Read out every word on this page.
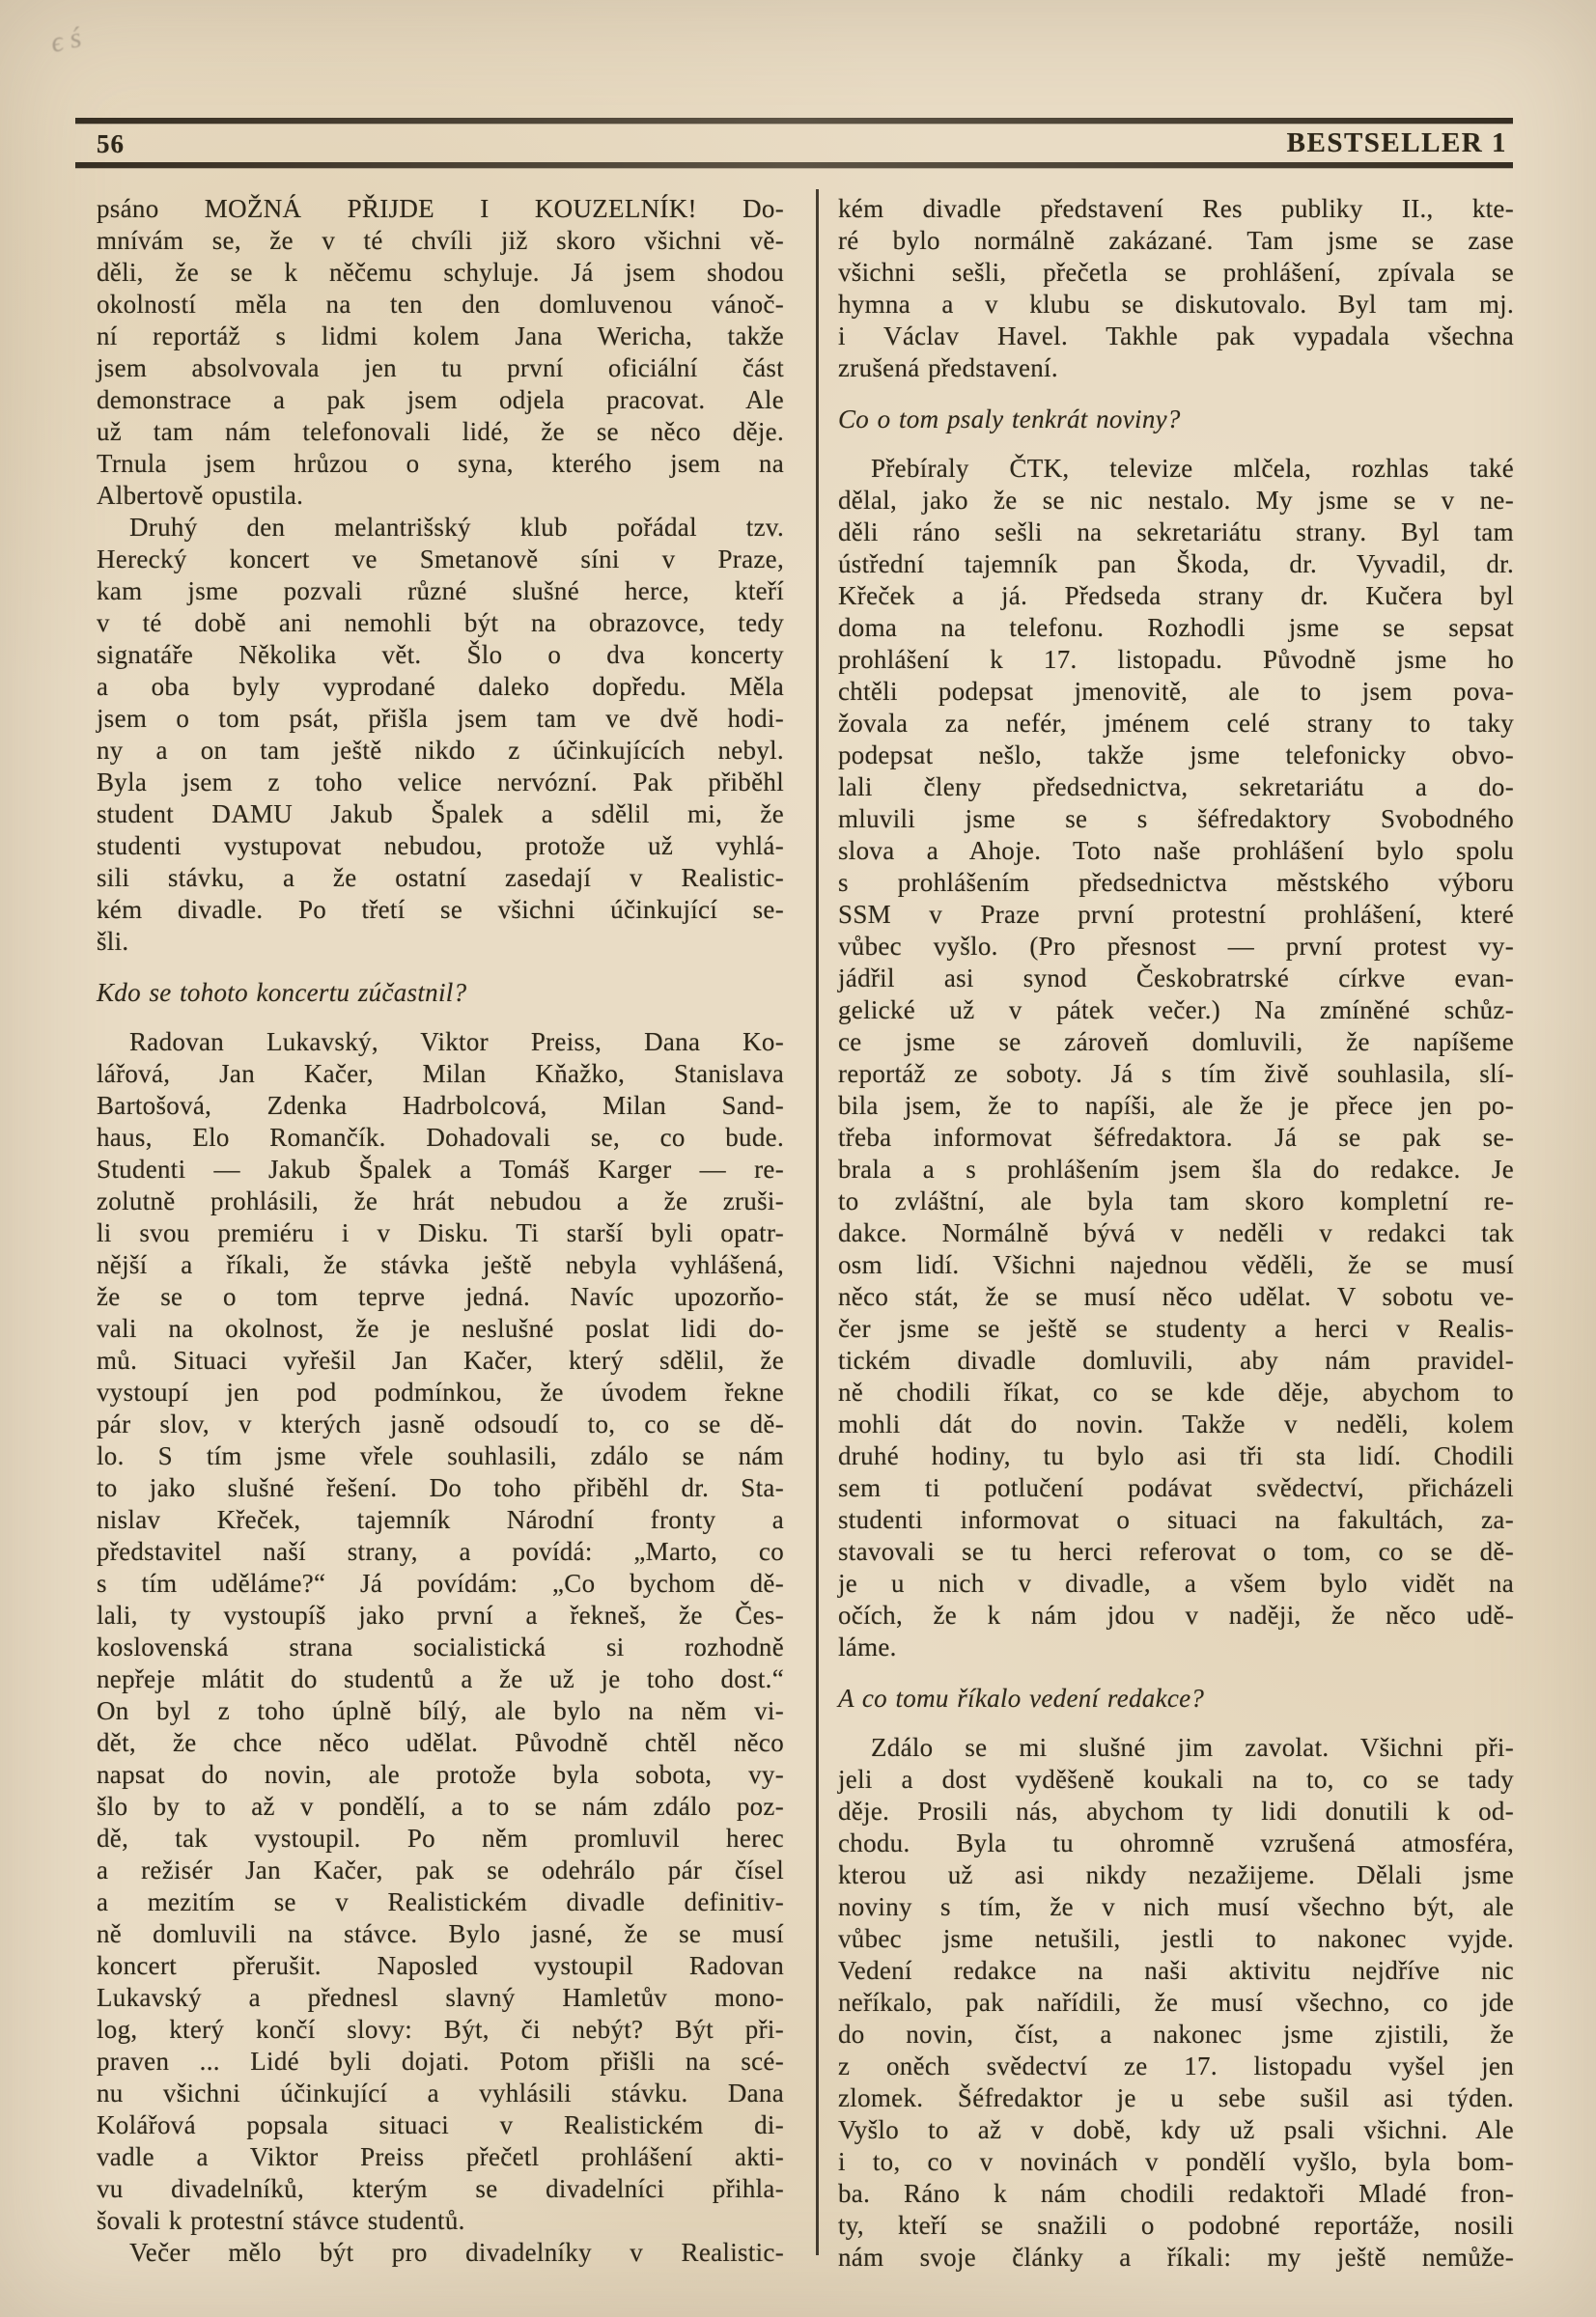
ϵ ś
56	BESTSELLER 1
psáno MOŽNÁ PŘIJDE I KOUZELNÍK! Do-
mnívám se, že v té chvíli již skoro všichni vě-
děli, že se k něčemu schyluje. Já jsem shodou
okolností měla na ten den domluvenou vánoč-
ní reportáž s lidmi kolem Jana Wericha, takže
jsem absolvovala jen tu první oficiální část
demonstrace a pak jsem odjela pracovat. Ale
už tam nám telefonovali lidé, že se něco děje.
Trnula jsem hrůzou o syna, kterého jsem na
Albertově opustila.
Druhý den melantrišský klub pořádal tzv.
Herecký koncert ve Smetanově síni v Praze,
kam jsme pozvali různé slušné herce, kteří
v té době ani nemohli být na obrazovce, tedy
signatáře Několika vět. Šlo o dva koncerty
a oba byly vyprodané daleko dopředu. Měla
jsem o tom psát, přišla jsem tam ve dvě hodi-
ny a on tam ještě nikdo z účinkujících nebyl.
Byla jsem z toho velice nervózní. Pak přiběhl
student DAMU Jakub Špalek a sdělil mi, že
studenti vystupovat nebudou, protože už vyhlá-
sili stávku, a že ostatní zasedají v Realistic-
kém divadle. Po třetí se všichni účinkující se-
šli.
Kdo se tohoto koncertu zúčastnil?
Radovan Lukavský, Viktor Preiss, Dana Ko-
lářová, Jan Kačer, Milan Kňažko, Stanislava
Bartošová, Zdenka Hadrbolcová, Milan Sand-
haus, Elo Romančík. Dohadovali se, co bude.
Studenti — Jakub Špalek a Tomáš Karger — re-
zolutně prohlásili, že hrát nebudou a že zruši-
li svou premiéru i v Disku. Ti starší byli opatr-
nější a říkali, že stávka ještě nebyla vyhlášená,
že se o tom teprve jedná. Navíc upozorňo-
vali na okolnost, že je neslušné poslat lidi do-
mů. Situaci vyřešil Jan Kačer, který sdělil, že
vystoupí jen pod podmínkou, že úvodem řekne
pár slov, v kterých jasně odsoudí to, co se dě-
lo. S tím jsme vřele souhlasili, zdálo se nám
to jako slušné řešení. Do toho přiběhl dr. Sta-
nislav Křeček, tajemník Národní fronty a
představitel naší strany, a povídá: „Marto, co
s tím uděláme?“ Já povídám: „Co bychom dě-
lali, ty vystoupíš jako první a řekneš, že Čes-
koslovenská strana socialistická si rozhodně
nepřeje mlátit do studentů a že už je toho dost.“
On byl z toho úplně bílý, ale bylo na něm vi-
dět, že chce něco udělat. Původně chtěl něco
napsat do novin, ale protože byla sobota, vy-
šlo by to až v pondělí, a to se nám zdálo poz-
dě, tak vystoupil. Po něm promluvil herec
a režisér Jan Kačer, pak se odehrálo pár čísel
a mezitím se v Realistickém divadle definitiv-
ně domluvili na stávce. Bylo jasné, že se musí
koncert přerušit. Naposled vystoupil Radovan
Lukavský a přednesl slavný Hamletův mono-
log, který končí slovy: Být, či nebýt? Být při-
praven ... Lidé byli dojati. Potom přišli na scé-
nu všichni účinkující a vyhlásili stávku. Dana
Kolářová popsala situaci v Realistickém di-
vadle a Viktor Preiss přečetl prohlášení akti-
vu divadelníků, kterým se divadelníci přihla-
šovali k protestní stávce studentů.
Večer mělo být pro divadelníky v Realistic-
kém divadle představení Res publiky II., kte-
ré bylo normálně zakázané. Tam jsme se zase
všichni sešli, přečetla se prohlášení, zpívala se
hymna a v klubu se diskutovalo. Byl tam mj.
i Václav Havel. Takhle pak vypadala všechna
zrušená představení.
Co o tom psaly tenkrát noviny?
Přebíraly ČTK, televize mlčela, rozhlas také
dělal, jako že se nic nestalo. My jsme se v ne-
děli ráno sešli na sekretariátu strany. Byl tam
ústřední tajemník pan Škoda, dr. Vyvadil, dr.
Křeček a já. Předseda strany dr. Kučera byl
doma na telefonu. Rozhodli jsme se sepsat
prohlášení k 17. listopadu. Původně jsme ho
chtěli podepsat jmenovitě, ale to jsem pova-
žovala za nefér, jménem celé strany to taky
podepsat nešlo, takže jsme telefonicky obvo-
lali členy předsednictva, sekretariátu a do-
mluvili jsme se s šéfredaktory Svobodného
slova a Ahoje. Toto naše prohlášení bylo spolu
s prohlášením předsednictva městského výboru
SSM v Praze první protestní prohlášení, které
vůbec vyšlo. (Pro přesnost — první protest vy-
jádřil asi synod Českobratrské církve evan-
gelické už v pátek večer.) Na zmíněné schůz-
ce jsme se zároveň domluvili, že napíšeme
reportáž ze soboty. Já s tím živě souhlasila, slí-
bila jsem, že to napíši, ale že je přece jen po-
třeba informovat šéfredaktora. Já se pak se-
brala a s prohlášením jsem šla do redakce. Je
to zvláštní, ale byla tam skoro kompletní re-
dakce. Normálně bývá v neděli v redakci tak
osm lidí. Všichni najednou věděli, že se musí
něco stát, že se musí něco udělat. V sobotu ve-
čer jsme se ještě se studenty a herci v Realis-
tickém divadle domluvili, aby nám pravidel-
ně chodili říkat, co se kde děje, abychom to
mohli dát do novin. Takže v neděli, kolem
druhé hodiny, tu bylo asi tři sta lidí. Chodili
sem ti potlučení podávat svědectví, přicházeli
studenti informovat o situaci na fakultách, za-
stavovali se tu herci referovat o tom, co se dě-
je u nich v divadle, a všem bylo vidět na
očích, že k nám jdou v naději, že něco udě-
láme.
A co tomu říkalo vedení redakce?
Zdálo se mi slušné jim zavolat. Všichni při-
jeli a dost vyděšeně koukali na to, co se tady
děje. Prosili nás, abychom ty lidi donutili k od-
chodu. Byla tu ohromně vzrušená atmosféra,
kterou už asi nikdy nezažijeme. Dělali jsme
noviny s tím, že v nich musí všechno být, ale
vůbec jsme netušili, jestli to nakonec vyjde.
Vedení redakce na naši aktivitu nejdříve nic
neříkalo, pak nařídili, že musí všechno, co jde
do novin, číst, a nakonec jsme zjistili, že
z oněch svědectví ze 17. listopadu vyšel jen
zlomek. Šéfredaktor je u sebe sušil asi týden.
Vyšlo to až v době, kdy už psali všichni. Ale
i to, co v novinách v pondělí vyšlo, byla bom-
ba. Ráno k nám chodili redaktoři Mladé fron-
ty, kteří se snažili o podobné reportáže, nosili
nám svoje články a říkali: my ještě nemůže-
